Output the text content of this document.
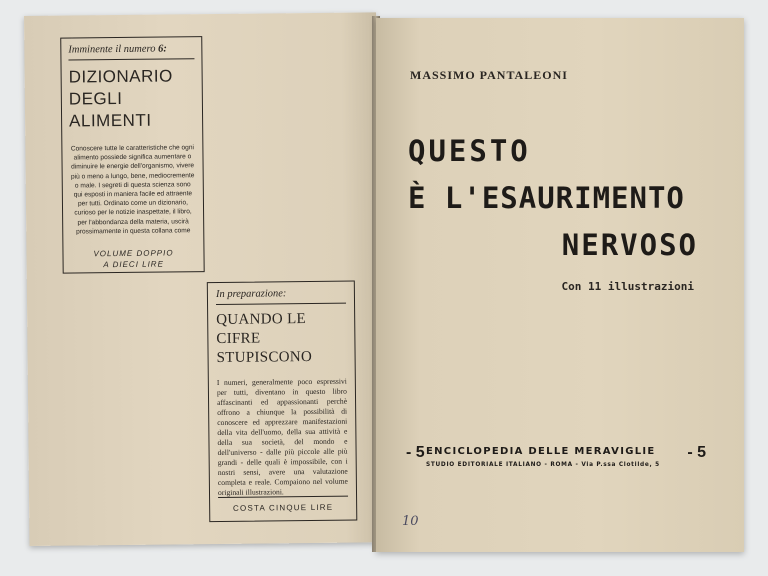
Imminente il numero 6:
DIZIONARIO
DEGLI ALIMENTI
Conoscere tutte le caratteristiche che ogni alimento possiede significa aumentare o diminuire le energie dell'organismo, vivere più o meno a lungo, bene, mediocremente o male. I segreti di questa scienza sono qui esposti in maniera facile ed attraente per tutti. Ordinato come un dizionario, curioso per le notizie inaspettate, il libro, per l'abbondanza della materia, uscirà prossimamente in questa collana come
VOLUME DOPPIO
A DIECI LIRE
In preparazione:
QUANDO LE CIFRE
STUPISCONO
I numeri, generalmente poco espressivi per tutti, diventano in questo libro affascinanti ed appassionanti perchè offrono a chiunque la possibilità di conoscere ed apprezzare manifestazioni della vita dell'uomo, della sua attività e della sua società, del mondo e dell'universo - dalle più piccole alle più grandi - delle quali è impossibile, con i nostri sensi, avere una valutazione completa e reale. Compaiono nel volume originali illustrazioni.
COSTA CINQUE LIRE
MASSIMO PANTALEONI
QUESTO
È L'ESAURIMENTO
NERVOSO
Con 11 illustrazioni
- 5 ENCICLOPEDIA DELLE MERAVIGLIE - 5
STUDIO EDITORIALE ITALIANO - ROMA - Via P.ssa Clotilde, 5
10
